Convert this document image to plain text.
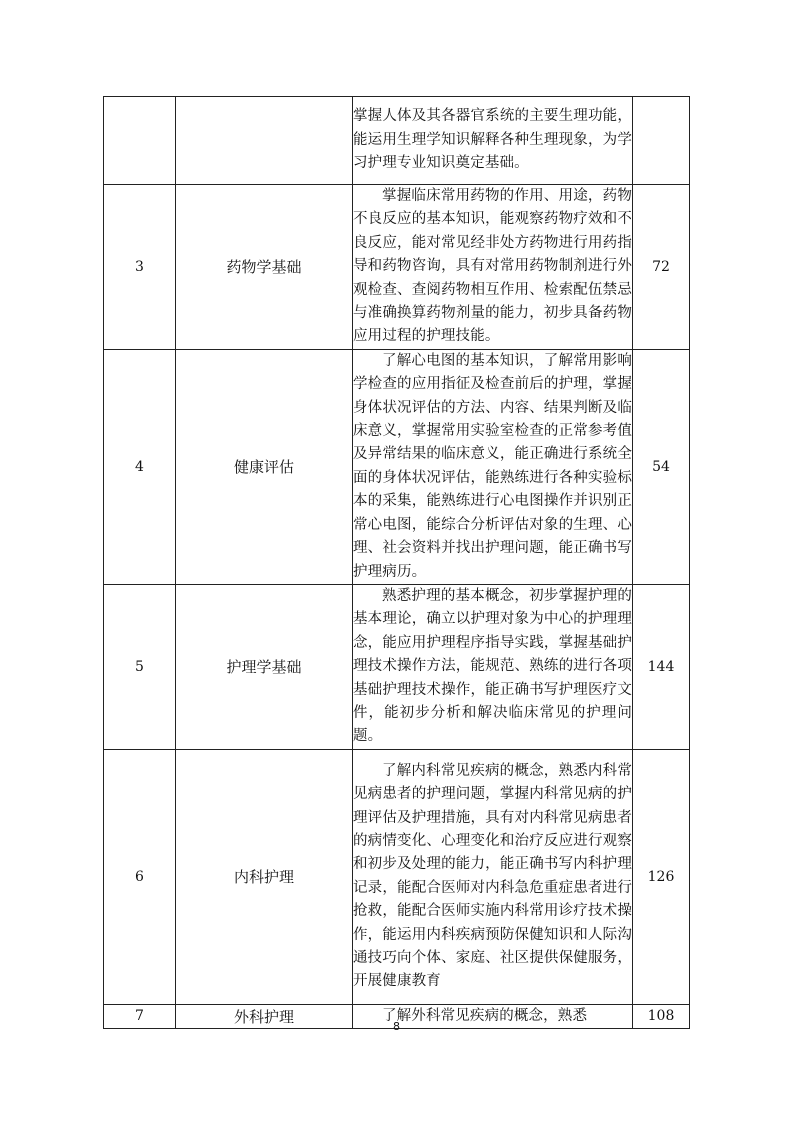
		掌握人体及其各器官系统的主要生理功能，能运用生理学知识解释各种生理现象，为学习护理专业知识奠定基础。	

3	药物学基础	掌握临床常用药物的作用、用途，药物不良反应的基本知识，能观察药物疗效和不良反应，能对常见经非处方药物进行用药指导和药物咨询，具有对常用药物制剂进行外观检查、查阅药物相互作用、检索配伍禁忌与准确换算药物剂量的能力，初步具备药物应用过程的护理技能。	72
4	健康评估	了解心电图的基本知识，了解常用影响学检查的应用指征及检查前后的护理，掌握身体状况评估的方法、内容、结果判断及临床意义，掌握常用实验室检查的正常参考值及异常结果的临床意义，能正确进行系统全面的身体状况评估，能熟练进行各种实验标本的采集，能熟练进行心电图操作并识别正常心电图，能综合分析评估对象的生理、心理、社会资料并找出护理问题，能正确书写护理病历。	54
5	护理学基础	熟悉护理的基本概念，初步掌握护理的基本理论，确立以护理对象为中心的护理理念，能应用护理程序指导实践，掌握基础护理技术操作方法，能规范、熟练的进行各项基础护理技术操作，能正确书写护理医疗文件，能初步分析和解决临床常见的护理问题。	144
6	内科护理	了解内科常见疾病的概念，熟悉内科常见病患者的护理问题，掌握内科常见病的护理评估及护理措施，具有对内科常见病患者的病情变化、心理变化和治疗反应进行观察和初步及处理的能力，能正确书写内科护理记录，能配合医师对内科急危重症患者进行抢救，能配合医师实施内科常用诊疗技术操作，能运用内科疾病预防保健知识和人际沟通技巧向个体、家庭、社区提供保健服务，开展健康教育	126
7	外科护理	了解外科常见疾病的概念，熟悉	108
8
